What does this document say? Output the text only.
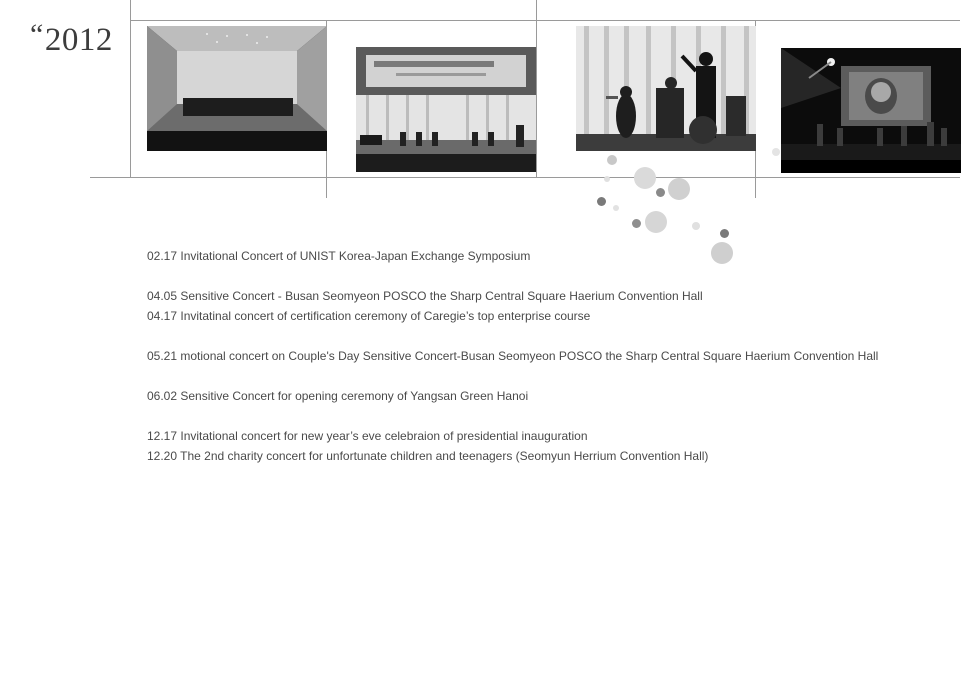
“2012
02.17 Invitational Concert of UNIST Korea-Japan Exchange Symposium
04.05 Sensitive Concert - Busan Seomyeon POSCO the Sharp Central Square Haerium Convention Hall
04.17 Invitatinal concert of certification ceremony of Caregie’s top enterprise course
05.21 motional concert on Couple's Day Sensitive Concert-Busan Seomyeon POSCO the Sharp Central Square Haerium Convention Hall
06.02 Sensitive Concert for opening ceremony of Yangsan Green Hanoi
12.17 Invitational concert for new year’s eve celebraion of presidential inauguration
12.20 The 2nd charity concert for unfortunate children and teenagers (Seomyun Herrium Convention Hall)
